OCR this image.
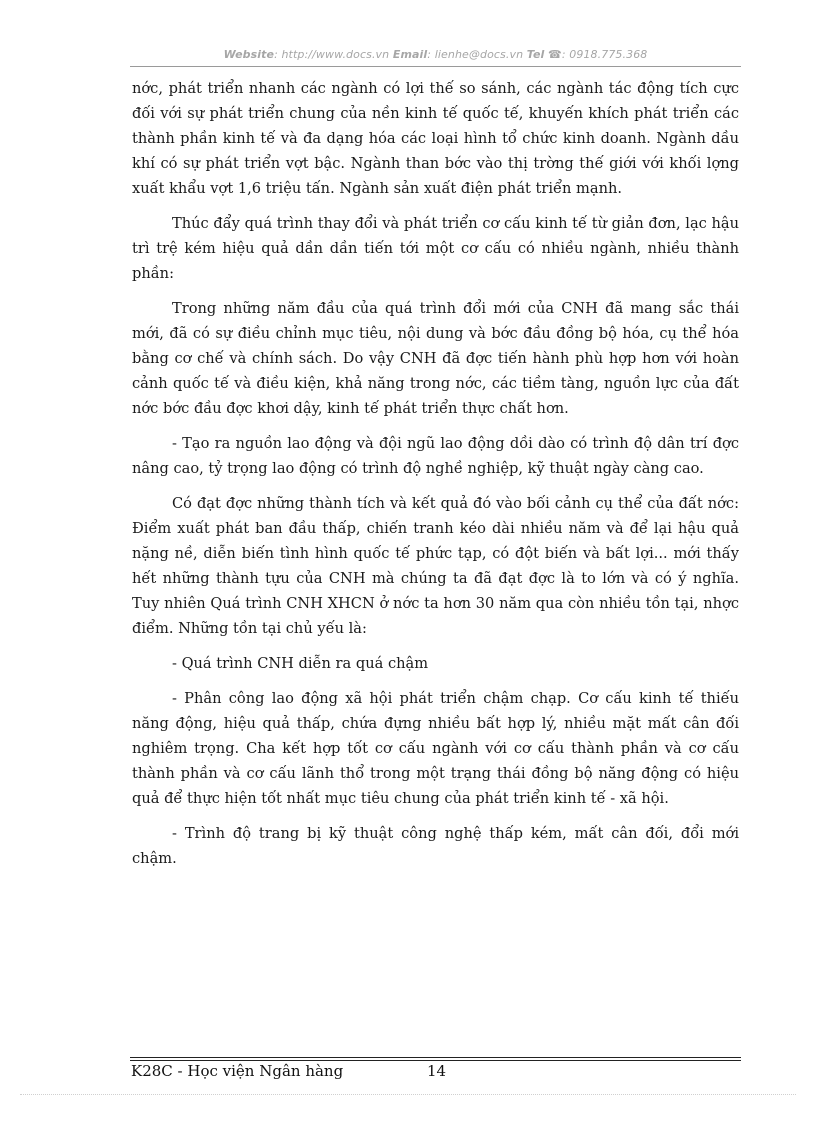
Website: http://www.docs.vn Email: lienhe@docs.vn Tel ☎: 0918.775.368

nớc, phát triển nhanh các ngành có lợi thế so sánh, các ngành tác động tích cực đối với sự phát triển chung của nền kinh tế quốc tế, khuyến khích phát triển các thành phần kinh tế và đa dạng hóa các loại hình tổ chức kinh doanh. Ngành dầu khí có sự phát triển vợt bậc. Ngành than bớc vào thị trờng thế giới với khối lợng xuất khẩu vợt 1,6 triệu tấn. Ngành sản xuất điện phát triển mạnh.

Thúc đẩy quá trình thay đổi và phát triển cơ cấu kinh tế từ giản đơn, lạc hậu trì trệ kém hiệu quả dần dần tiến tới một cơ cấu có nhiều ngành, nhiều thành phần:

Trong những năm đầu của quá trình đổi mới của CNH đã mang sắc thái mới, đã có sự điều chỉnh mục tiêu, nội dung và bớc đầu đồng bộ hóa, cụ thể hóa bằng cơ chế và chính sách. Do vậy CNH đã đợc tiến hành phù hợp hơn với hoàn cảnh quốc tế và điều kiện, khả năng trong nớc, các tiềm tàng, nguồn lực của đất nớc bớc đầu đợc khơi dậy, kinh tế phát triển thực chất hơn.

- Tạo ra nguồn lao động và đội ngũ lao động dồi dào có trình độ dân trí đợc nâng cao, tỷ trọng lao động có trình độ nghề nghiệp, kỹ thuật ngày càng cao.

Có đạt đợc những thành tích và kết quả đó vào bối cảnh cụ thể của đất nớc: Điểm xuất phát ban đầu thấp, chiến tranh kéo dài nhiều năm và để lại hậu quả nặng nề, diễn biến tình hình quốc tế phức tạp, có đột biến và bất lợi... mới thấy hết những thành tựu của CNH mà chúng ta đã đạt đợc là to lớn và có ý nghĩa. Tuy nhiên Quá trình CNH XHCN ở nớc ta hơn 30 năm qua còn nhiều tồn tại, nhợc điểm. Những tồn tại chủ yếu là:

- Quá trình CNH diễn ra quá chậm

- Phân công lao động xã hội phát triển chậm chạp. Cơ cấu kinh tế thiếu năng động, hiệu quả thấp, chứa đựng nhiều bất hợp lý, nhiều mặt mất cân đối nghiêm trọng. Cha kết hợp tốt cơ cấu ngành với cơ cấu thành phần và cơ cấu thành phần và cơ cấu lãnh thổ trong một trạng thái đồng bộ năng động có hiệu quả để thực hiện tốt nhất mục tiêu chung của phát triển kinh tế - xã hội.

- Trình độ trang bị kỹ thuật công nghệ thấp kém, mất cân đối, đổi mới chậm.

K28C - Học viện Ngân hàng	14
